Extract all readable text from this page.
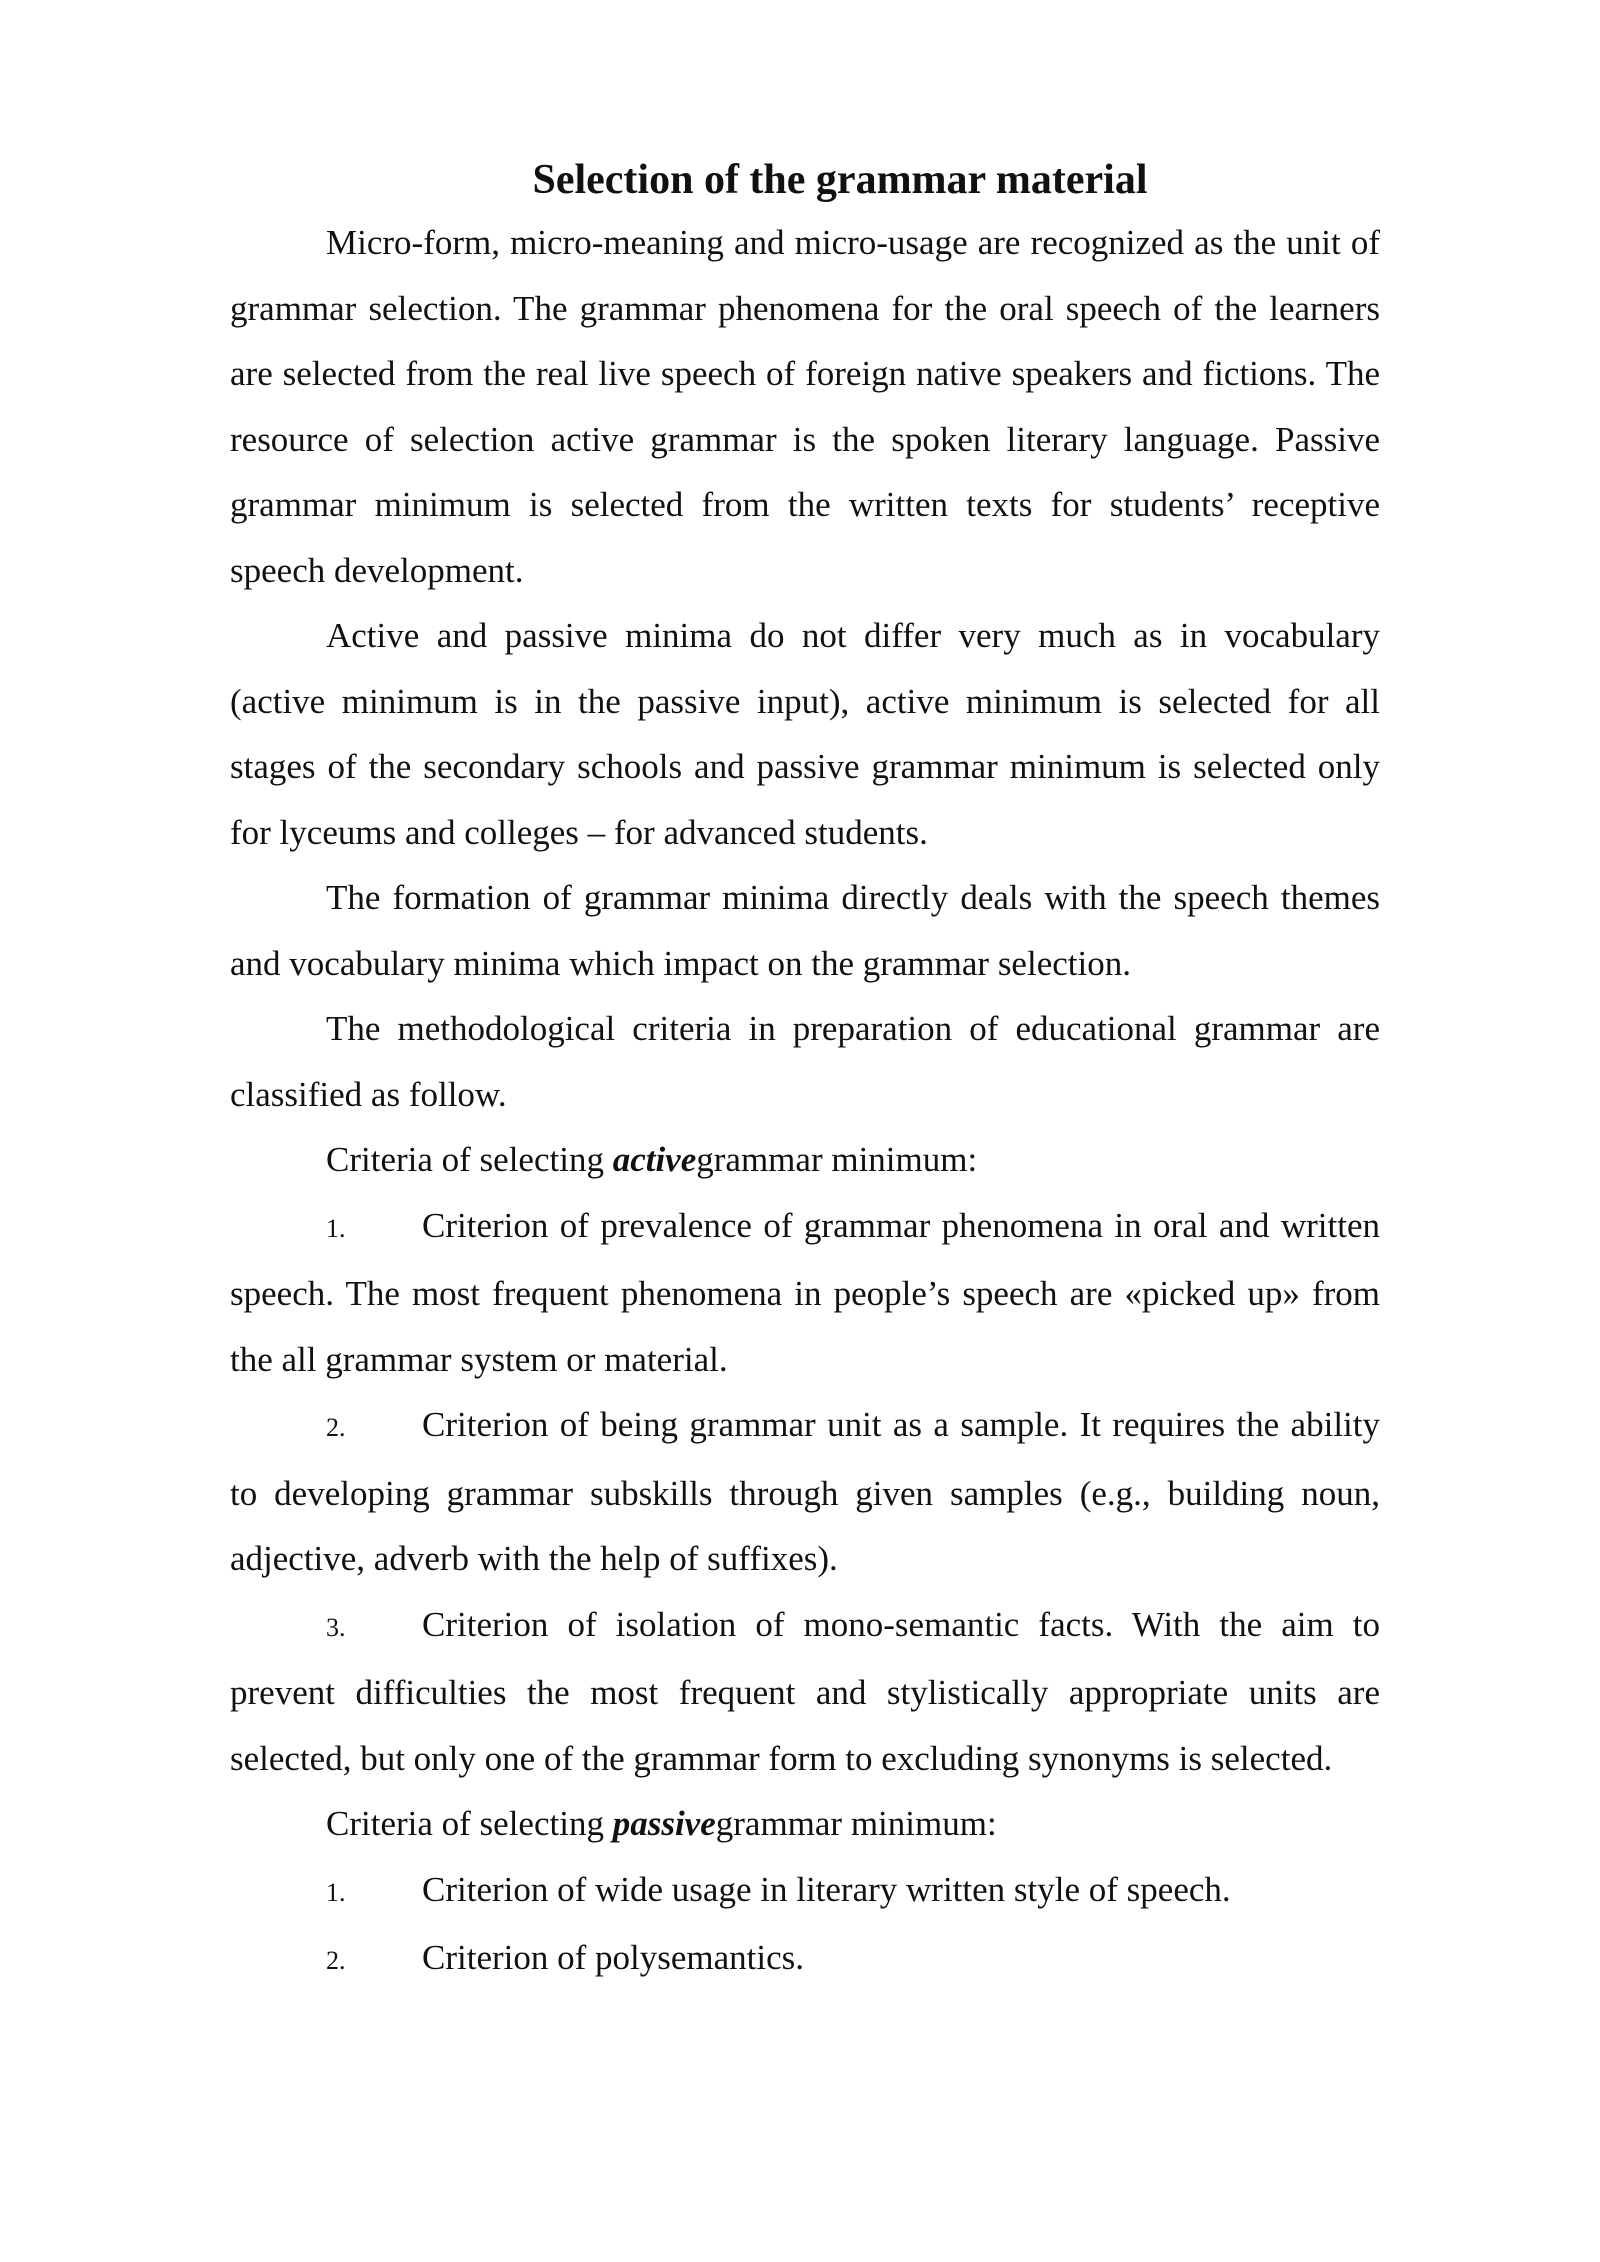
Selection of the grammar material

Micro-form, micro-meaning and micro-usage are recognized as the unit of grammar selection. The grammar phenomena for the oral speech of the learners are selected from the real live speech of foreign native speakers and fictions. The resource of selection active grammar is the spoken literary language. Passive grammar minimum is selected from the written texts for students’ receptive speech development.

Active and passive minima do not differ very much as in vocabulary (active minimum is in the passive input), active minimum is selected for all stages of the secondary schools and passive grammar minimum is selected only for lyceums and colleges – for advanced students.

The formation of grammar minima directly deals with the speech themes and vocabulary minima which impact on the grammar selection.

The methodological criteria in preparation of educational grammar are classified as follow.

Criteria of selecting activegrammar minimum:

1. Criterion of prevalence of grammar phenomena in oral and written speech. The most frequent phenomena in people’s speech are «picked up» from the all grammar system or material.

2. Criterion of being grammar unit as a sample. It requires the ability to developing grammar subskills through given samples (e.g., building noun, adjective, adverb with the help of suffixes).

3. Criterion of isolation of mono-semantic facts. With the aim to prevent difficulties the most frequent and stylistically appropriate units are selected, but only one of the grammar form to excluding synonyms is selected.

Criteria of selecting passivegrammar minimum:

1. Criterion of wide usage in literary written style of speech.

2. Criterion of polysemantics.
